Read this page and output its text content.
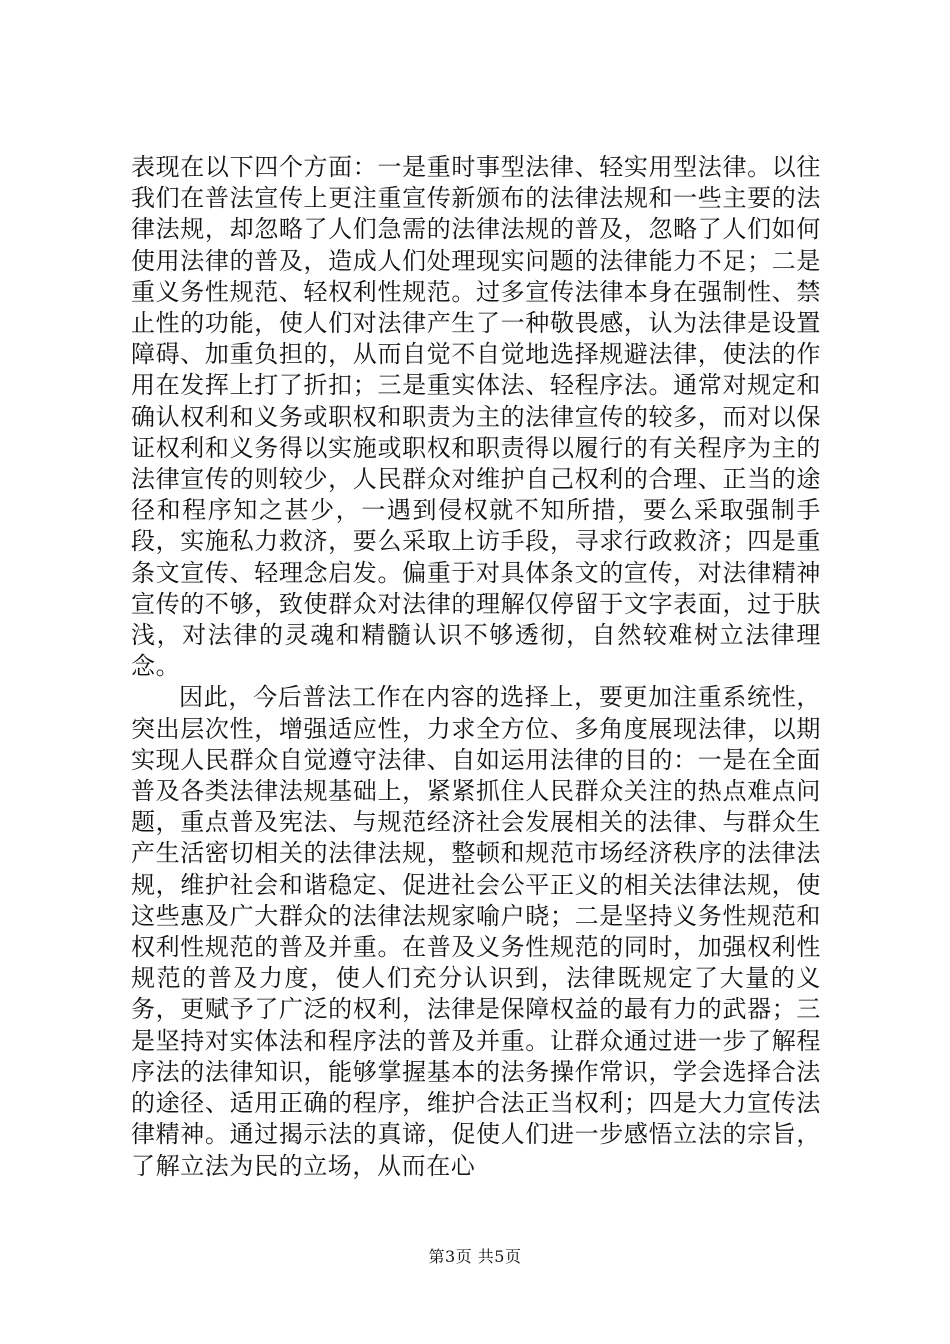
表现在以下四个方面：一是重时事型法律、轻实用型法律。以往我们在普法宣传上更注重宣传新颁布的法律法规和一些主要的法律法规，却忽略了人们急需的法律法规的普及，忽略了人们如何使用法律的普及，造成人们处理现实问题的法律能力不足；二是重义务性规范、轻权利性规范。过多宣传法律本身在强制性、禁止性的功能，使人们对法律产生了一种敬畏感，认为法律是设置障碍、加重负担的，从而自觉不自觉地选择规避法律，使法的作用在发挥上打了折扣；三是重实体法、轻程序法。通常对规定和确认权利和义务或职权和职责为主的法律宣传的较多，而对以保证权利和义务得以实施或职权和职责得以履行的有关程序为主的法律宣传的则较少，人民群众对维护自己权利的合理、正当的途径和程序知之甚少，一遇到侵权就不知所措，要么采取强制手段，实施私力救济，要么采取上访手段，寻求行政救济；四是重条文宣传、轻理念启发。偏重于对具体条文的宣传，对法律精神宣传的不够，致使群众对法律的理解仅停留于文字表面，过于肤浅，对法律的灵魂和精髓认识不够透彻，自然较难树立法律理念。

因此，今后普法工作在内容的选择上，要更加注重系统性，突出层次性，增强适应性，力求全方位、多角度展现法律，以期实现人民群众自觉遵守法律、自如运用法律的目的：一是在全面普及各类法律法规基础上，紧紧抓住人民群众关注的热点难点问题，重点普及宪法、与规范经济社会发展相关的法律、与群众生产生活密切相关的法律法规，整顿和规范市场经济秩序的法律法规，维护社会和谐稳定、促进社会公平正义的相关法律法规，使这些惠及广大群众的法律法规家喻户晓；二是坚持义务性规范和权利性规范的普及并重。在普及义务性规范的同时，加强权利性规范的普及力度，使人们充分认识到，法律既规定了大量的义务，更赋予了广泛的权利，法律是保障权益的最有力的武器；三是坚持对实体法和程序法的普及并重。让群众通过进一步了解程序法的法律知识，能够掌握基本的法务操作常识，学会选择合法的途径、适用正确的程序，维护合法正当权利；四是大力宣传法律精神。通过揭示法的真谛，促使人们进一步感悟立法的宗旨，了解立法为民的立场，从而在心

第3页 共5页
